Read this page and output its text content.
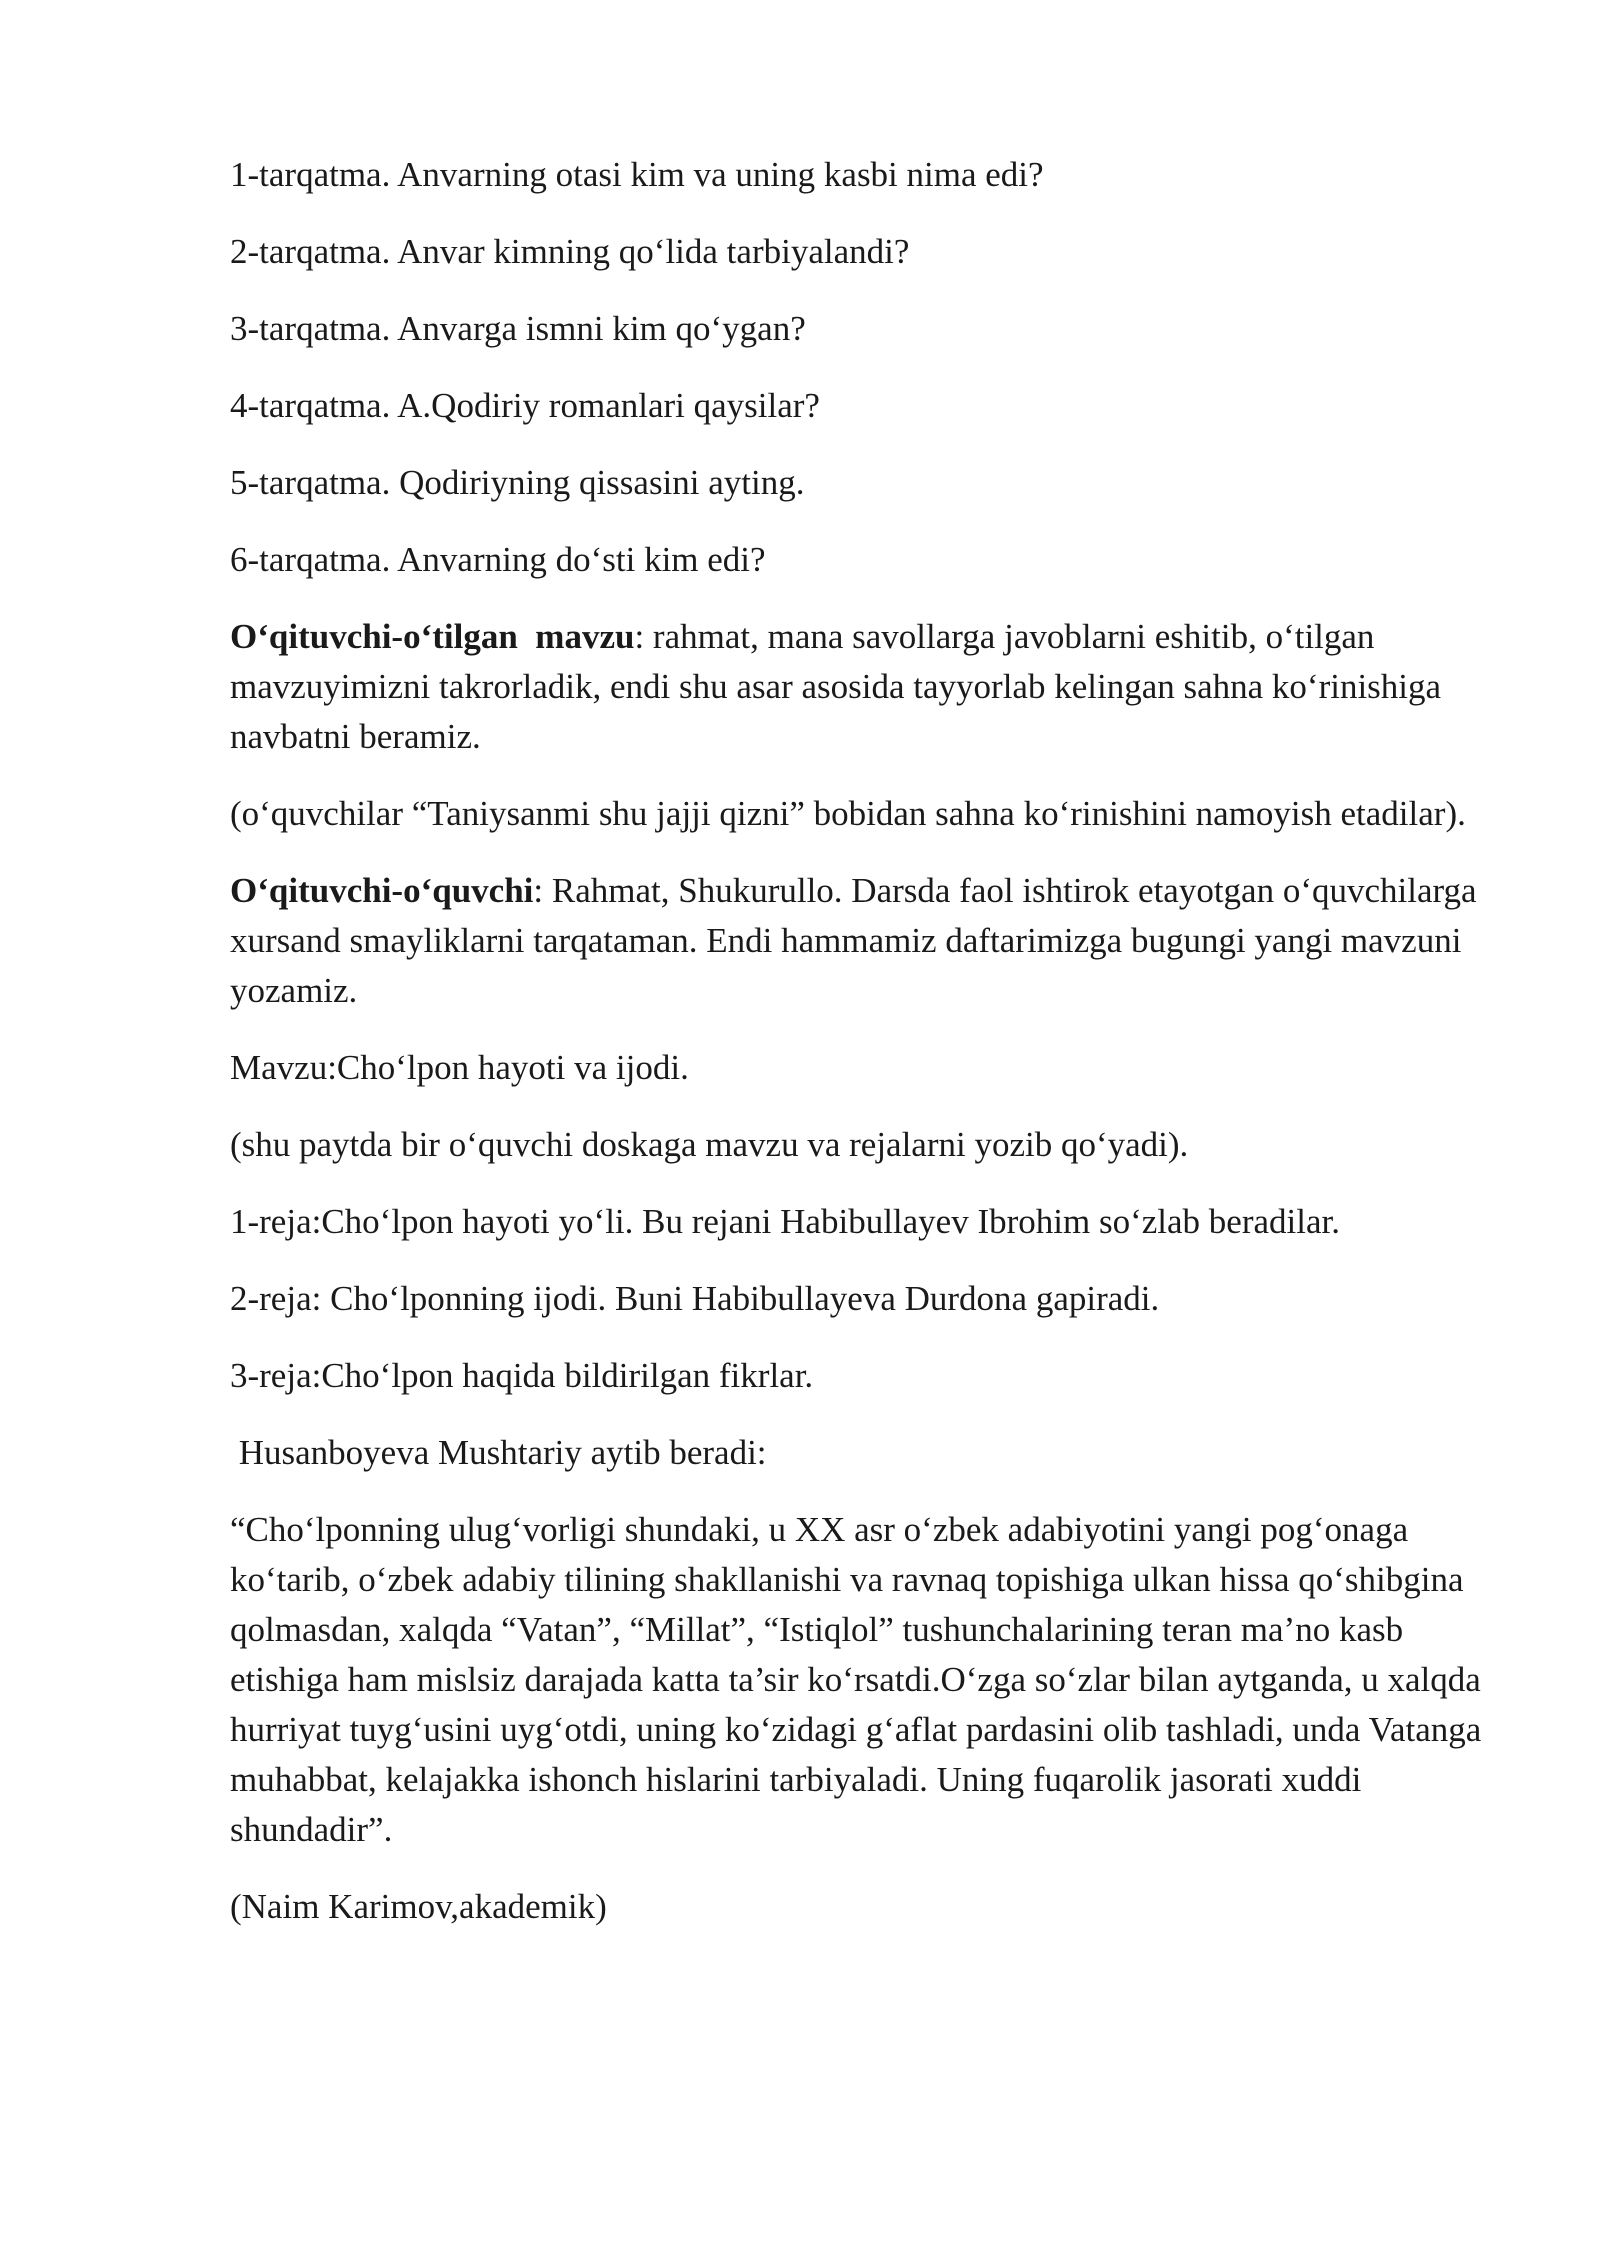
1-tarqatma. Anvarning otasi kim va uning kasbi nima edi?

2-tarqatma. Anvar kimning qo‘lida tarbiyalandi?

3-tarqatma. Anvarga ismni kim qo‘ygan?

4-tarqatma. A.Qodiriy romanlari qaysilar?

5-tarqatma. Qodiriyning qissasini ayting.

6-tarqatma. Anvarning do‘sti kim edi?

O‘qituvchi-o‘tilgan  mavzu: rahmat, mana savollarga javoblarni eshitib, o‘tilgan mavzuyimizni takrorladik, endi shu asar asosida tayyorlab kelingan sahna ko‘rinishiga navbatni beramiz.

(o‘quvchilar “Taniysanmi shu jajji qizni” bobidan sahna ko‘rinishini namoyish etadilar).

O‘qituvchi-o‘quvchi: Rahmat, Shukurullo. Darsda faol ishtirok etayotgan o‘quvchilarga xursand smayliklarni tarqataman. Endi hammamiz daftarimizga bugungi yangi mavzuni yozamiz.

Mavzu:Cho‘lpon hayoti va ijodi.

(shu paytda bir o‘quvchi doskaga mavzu va rejalarni yozib qo‘yadi).

1-reja:Cho‘lpon hayoti yo‘li. Bu rejani Habibullayev Ibrohim so‘zlab beradilar.

2-reja: Cho‘lponning ijodi. Buni Habibullayeva Durdona gapiradi.

3-reja:Cho‘lpon haqida bildirilgan fikrlar.

Husanboyeva Mushtariy aytib beradi:

“Cho‘lponning ulug‘vorligi shundaki, u XX asr o‘zbek adabiyotini yangi pog‘onaga ko‘tarib, o‘zbek adabiy tilining shakllanishi va ravnaq topishiga ulkan hissa qo‘shibgina qolmasdan, xalqda “Vatan”, “Millat”, “Istiqlol” tushunchalarining teran ma’no kasb etishiga ham mislsiz darajada katta ta’sir ko‘rsatdi.O‘zga so‘zlar bilan aytganda, u xalqda hurriyat tuyg‘usini uyg‘otdi, uning ko‘zidagi g‘aflat pardasini olib tashladi, unda Vatanga muhabbat, kelajakka ishonch hislarini tarbiyaladi. Uning fuqarolik jasorati xuddi shundadir”.

(Naim Karimov,akademik)
